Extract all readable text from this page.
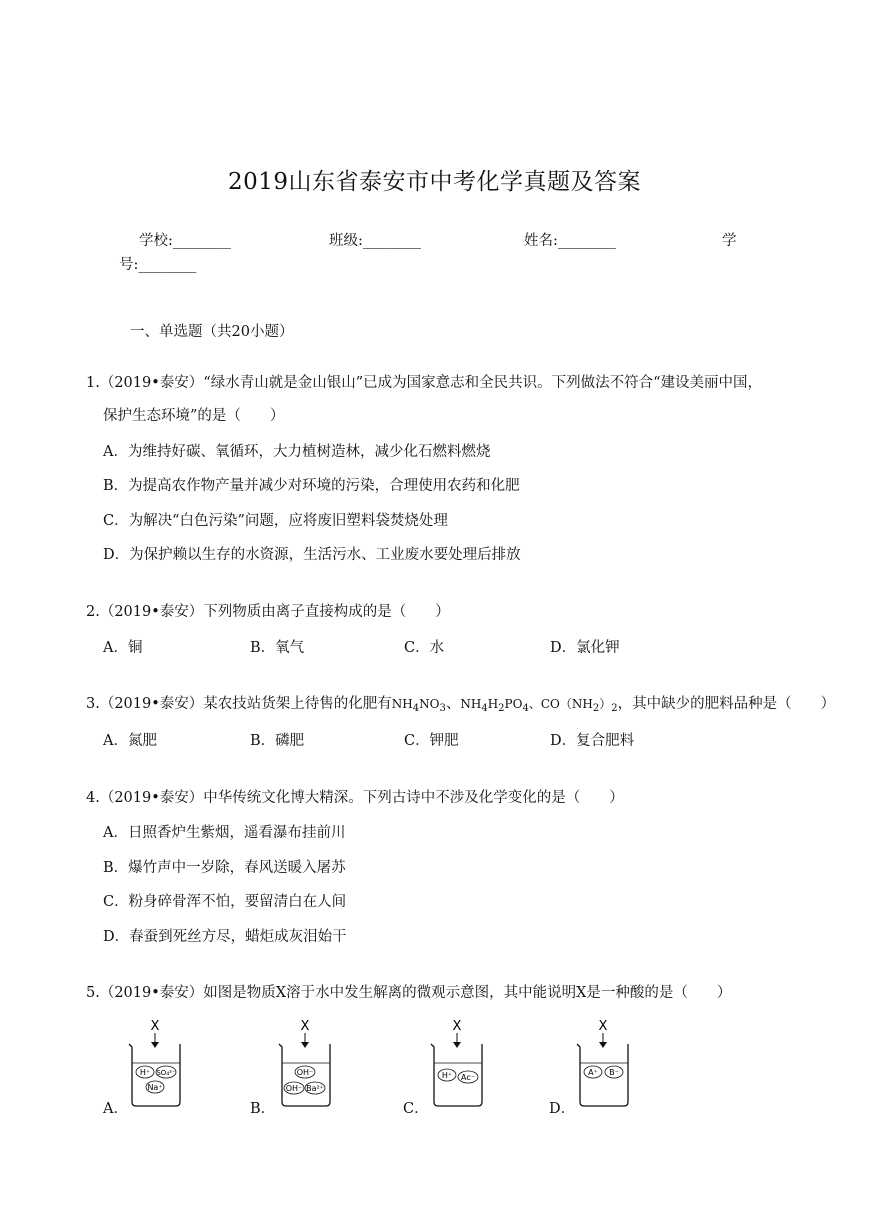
2019山东省泰安市中考化学真题及答案
学校:________	班级:________	姓名:________	学
号:________
一、单选题（共20小题）
1.（2019•泰安）“绿水青山就是金山银山”已成为国家意志和全民共识。下列做法不符合“建设美丽中国，
保护生态环境”的是（　　）
A．为维持好碳、氧循环，大力植树造林，减少化石燃料燃烧
B．为提高农作物产量并减少对环境的污染，合理使用农药和化肥
C．为解决“白色污染”问题，应将废旧塑料袋焚烧处理
D．为保护赖以生存的水资源，生活污水、工业废水要处理后排放
2.（2019•泰安）下列物质由离子直接构成的是（　　）
A．铜	B．氧气	C．水	D．氯化钾
3.（2019•泰安）某农技站货架上待售的化肥有$NH_4NO_3$、$NH_4H_2PO_4$、$CO(NH_2)_2$，其中缺少的肥料品种是（　　）
A．氮肥	B．磷肥	C．钾肥	D．复合肥料
4.（2019•泰安）中华传统文化博大精深。下列古诗中不涉及化学变化的是（　　）
A．日照香炉生紫烟，遥看瀑布挂前川
B．爆竹声中一岁除，春风送暖入屠苏
C．粉身碎骨浑不怕，要留清白在人间
D．春蚕到死丝方尽，蜡炬成灰泪始干
5.（2019•泰安）如图是物质X溶于水中发生解离的微观示意图，其中能说明X是一种酸的是（　　）
A．	B．	C．	D．
X
H⁺ SO₄²⁻
Na⁺
X
OH⁻
OH⁻ Ba²⁺
X
H⁺ Ac⁻
X
A⁺ B⁻
